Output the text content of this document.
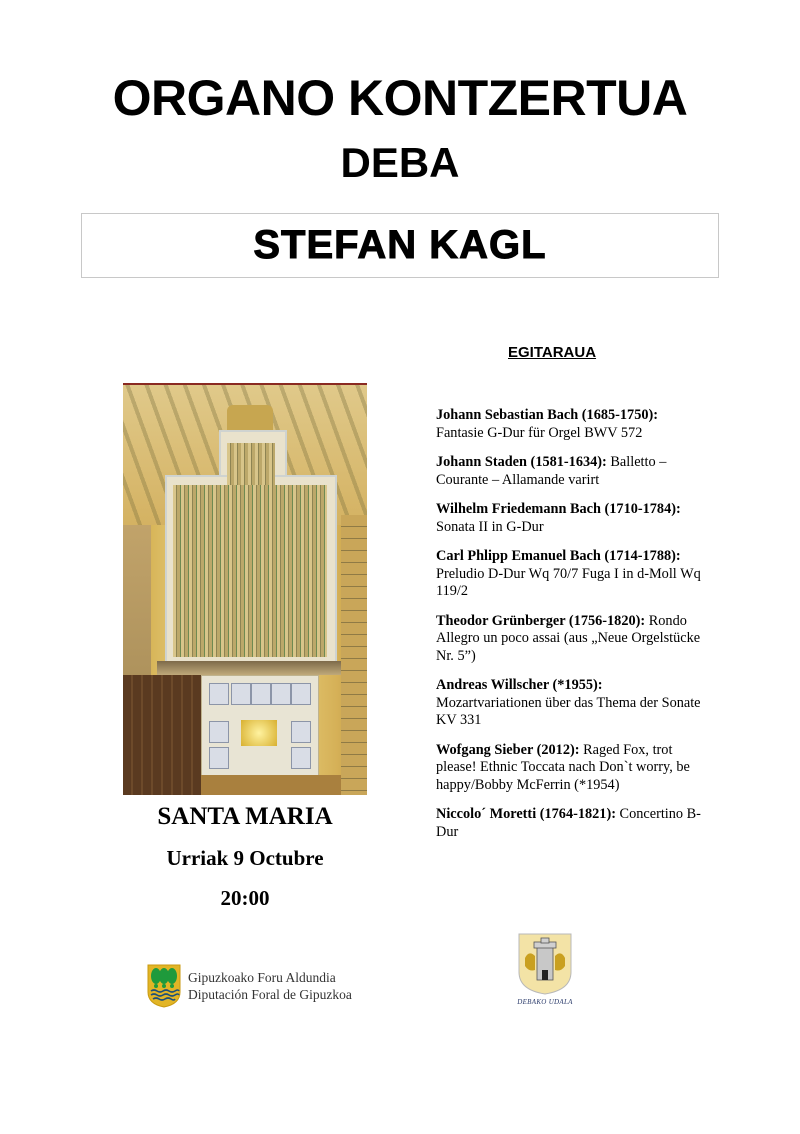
ORGANO KONTZERTUA
DEBA
STEFAN KAGL
SANTA MARIA
Urriak 9 Octubre
20:00
EGITARAUA
Johann Sebastian Bach (1685-1750): Fantasie G-Dur für Orgel BWV 572
Johann Staden (1581-1634): Balletto – Courante – Allamande varirt
Wilhelm Friedemann Bach (1710-1784): Sonata II in G-Dur
Carl Phlipp Emanuel Bach (1714-1788): Preludio D-Dur Wq 70/7 Fuga I in d-Moll Wq 119/2
Theodor Grünberger (1756-1820): Rondo Allegro un poco assai (aus „Neue Orgelstücke Nr. 5”)
Andreas Willscher (*1955): Mozartvariationen über das Thema der Sonate KV 331
Wofgang Sieber (2012): Raged Fox, trot please! Ethnic Toccata nach Don`t worry, be happy/Bobby McFerrin (*1954)
Niccolo´ Moretti (1764-1821): Concertino B-Dur
Gipuzkoako Foru Aldundia
Diputación Foral de Gipuzkoa	DEBAKO UDALA
